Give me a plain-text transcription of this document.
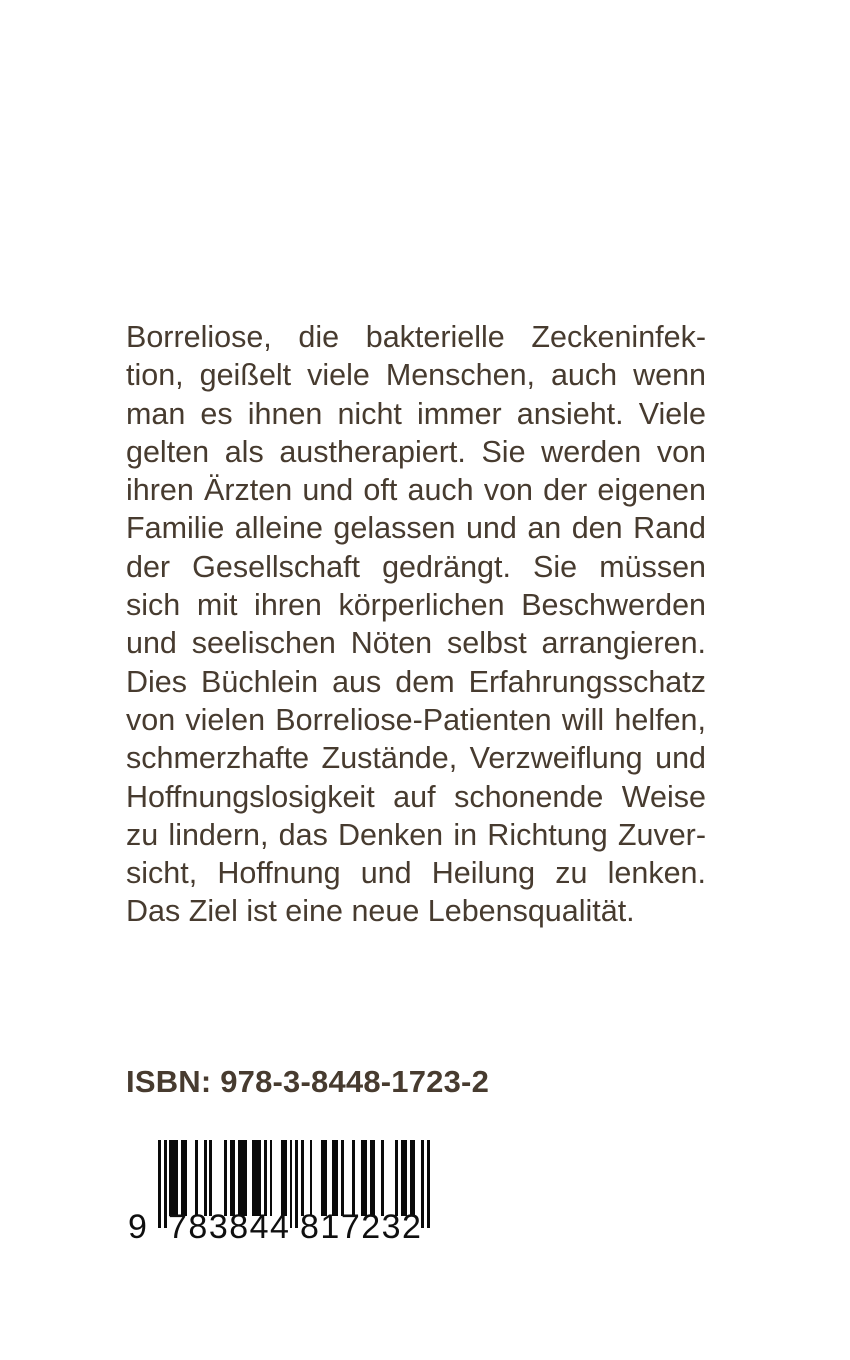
Borreliose, die bakterielle Zeckeninfek-
tion, geißelt viele Menschen, auch wenn
man es ihnen nicht immer ansieht. Viele
gelten als austherapiert. Sie werden von
ihren Ärzten und oft auch von der eigenen
Familie alleine gelassen und an den Rand
der Gesellschaft gedrängt. Sie müssen
sich mit ihren körperlichen Beschwerden
und seelischen Nöten selbst arrangieren.
Dies Büchlein aus dem Erfahrungsschatz
von vielen Borreliose-Patienten will helfen,
schmerzhafte Zustände, Verzweiflung und
Hoffnungslosigkeit auf schonende Weise
zu lindern, das Denken in Richtung Zuver-
sicht, Hoffnung und Heilung zu lenken.
Das Ziel ist eine neue Lebensqualität.
ISBN: 978-3-8448-1723-2
9 783844 817232
